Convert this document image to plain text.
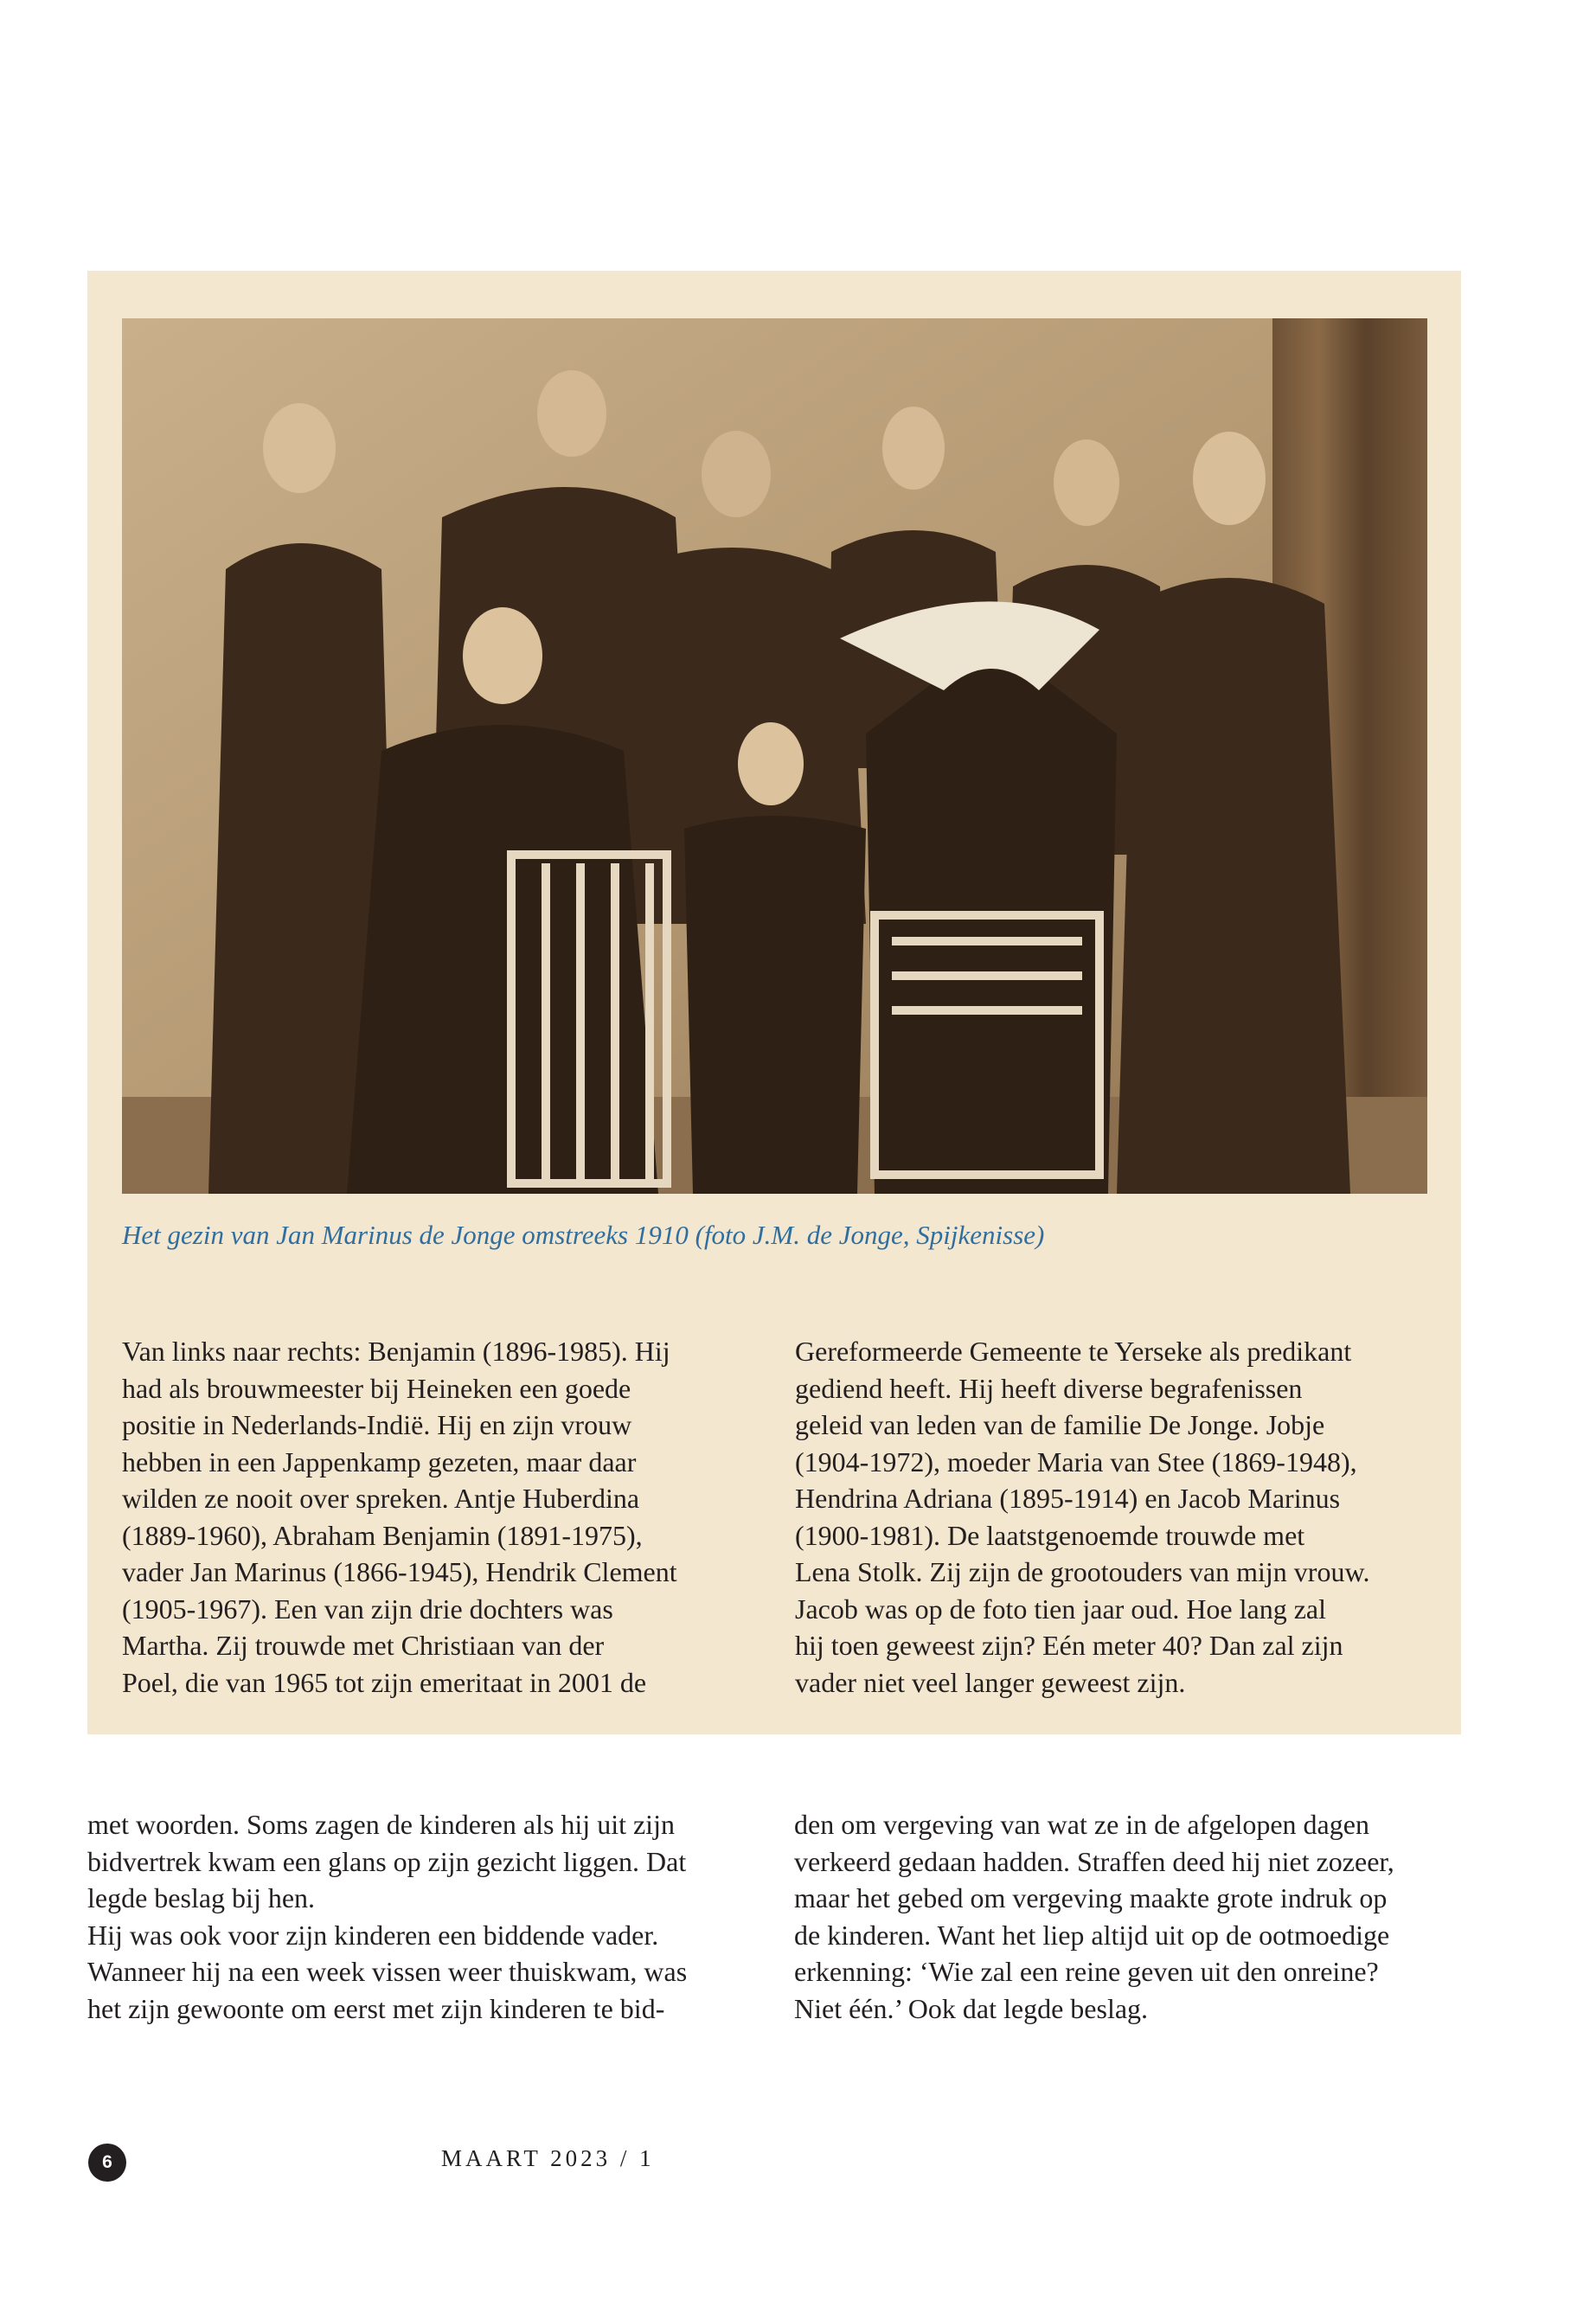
Het gezin van Jan Marinus de Jonge omstreeks 1910 (foto J.M. de Jonge, Spijkenisse)
Van links naar rechts: Benjamin (1896-1985). Hij
had als brouwmeester bij Heineken een goede
positie in Nederlands-Indië. Hij en zijn vrouw
hebben in een Jappenkamp gezeten, maar daar
wilden ze nooit over spreken. Antje Huberdina
(1889-1960), Abraham Benjamin (1891-1975),
vader Jan Marinus (1866-1945), Hendrik Clement
(1905-1967). Een van zijn drie dochters was
Martha. Zij trouwde met Christiaan van der
Poel, die van 1965 tot zijn emeritaat in 2001 de
Gereformeerde Gemeente te Yerseke als predikant
gediend heeft. Hij heeft diverse begrafenissen
geleid van leden van de familie De Jonge. Jobje
(1904-1972), moeder Maria van Stee (1869-1948),
Hendrina Adriana (1895-1914) en Jacob Marinus
(1900-1981). De laatstgenoemde trouwde met
Lena Stolk. Zij zijn de grootouders van mijn vrouw.
Jacob was op de foto tien jaar oud. Hoe lang zal
hij toen geweest zijn? Eén meter 40? Dan zal zijn
vader niet veel langer geweest zijn.
met woorden. Soms zagen de kinderen als hij uit zijn
bidvertrek kwam een glans op zijn gezicht liggen. Dat
legde beslag bij hen.
Hij was ook voor zijn kinderen een biddende vader.
Wanneer hij na een week vissen weer thuiskwam, was
het zijn gewoonte om eerst met zijn kinderen te bid-
den om vergeving van wat ze in de afgelopen dagen
verkeerd gedaan hadden. Straffen deed hij niet zozeer,
maar het gebed om vergeving maakte grote indruk op
de kinderen. Want het liep altijd uit op de ootmoedige
erkenning: ‘Wie zal een reine geven uit den onreine?
Niet één.’ Ook dat legde beslag.
6	MAART 2023 / 1
